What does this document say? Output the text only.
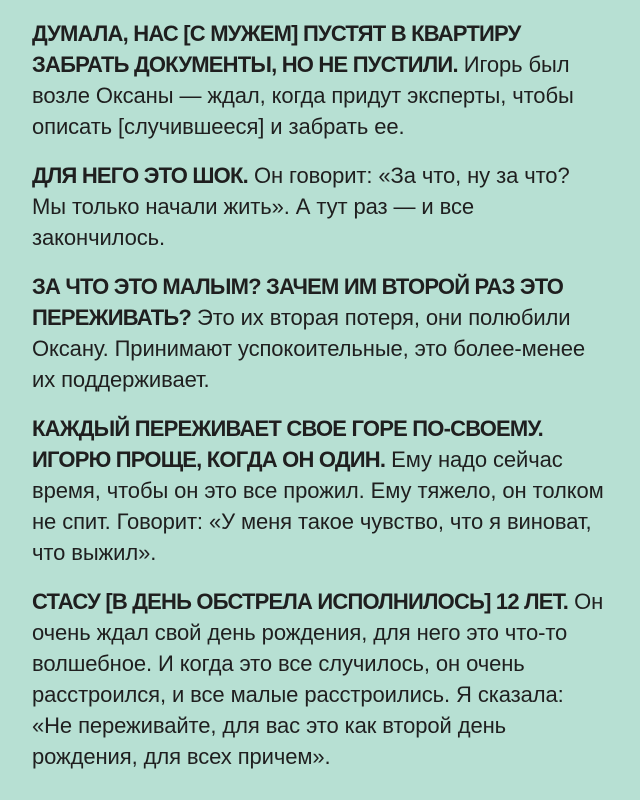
ДУМАЛА, НАС [С МУЖЕМ] ПУСТЯТ В КВАРТИРУ ЗАБРАТЬ ДОКУМЕНТЫ, НО НЕ ПУСТИЛИ. Игорь был возле Оксаны — ждал, когда придут эксперты, чтобы описать [случившееся] и забрать ее.

ДЛЯ НЕГО ЭТО ШОК. Он говорит: «За что, ну за что? Мы только начали жить». А тут раз — и все закончилось.

ЗА ЧТО ЭТО МАЛЫМ? ЗАЧЕМ ИМ ВТОРОЙ РАЗ ЭТО ПЕРЕЖИВАТЬ? Это их вторая потеря, они полюбили Оксану. Принимают успокоительные, это более-менее их поддерживает.

КАЖДЫЙ ПЕРЕЖИВАЕТ СВОЕ ГОРЕ ПО-СВОЕМУ. ИГОРЮ ПРОЩЕ, КОГДА ОН ОДИН. Ему надо сейчас время, чтобы он это все прожил. Ему тяжело, он толком не спит. Говорит: «У меня такое чувство, что я виноват, что выжил».

СТАСУ [В ДЕНЬ ОБСТРЕЛА ИСПОЛНИЛОСЬ] 12 ЛЕТ. Он очень ждал свой день рождения, для него это что-то волшебное. И когда это все случилось, он очень расстроился, и все малые расстроились. Я сказала: «Не переживайте, для вас это как второй день рождения, для всех причем».
